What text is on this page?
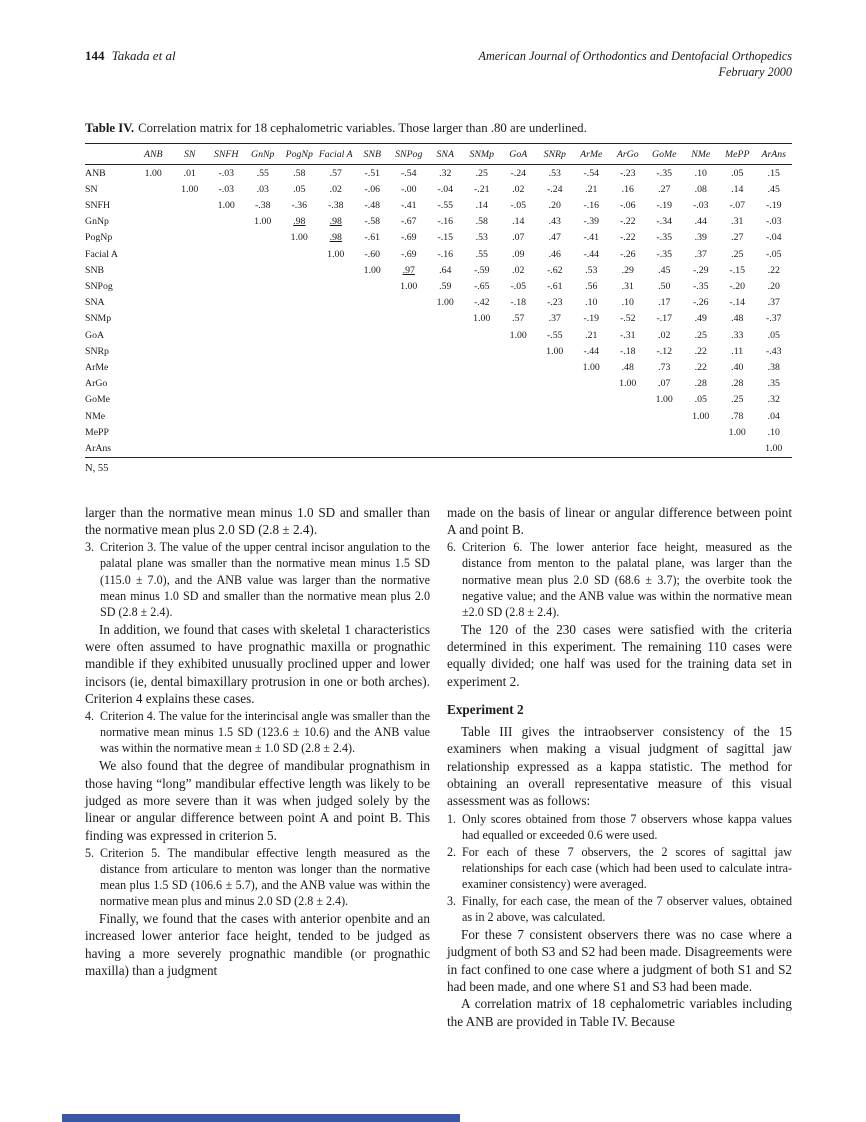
144 Takada et al	American Journal of Orthodontics and Dentofacial Orthopedics
February 2000
Table IV. Correlation matrix for 18 cephalometric variables. Those larger than .80 are underlined.
	ANB	SN	SNFH	GnNp	PogNp	Facial A	SNB	SNPog	SNA	SNMp	GoA	SNRp	ArMe	ArGo	GoMe	NMe	MePP	ArAns
ANB	1.00	.01	-.03	.55	.58	.57	-.51	-.54	.32	.25	-.24	.53	-.54	-.23	-.35	.10	.05	.15
SN		1.00	-.03	.03	.05	.02	-.06	-.00	-.04	-.21	.02	-.24	.21	.16	.27	.08	.14	.45
SNFH			1.00	-.38	-.36	-.38	-.48	-.41	-.55	.14	-.05	.20	-.16	-.06	-.19	-.03	-.07	-.19
GnNp				1.00	.98	.98	-.58	-.67	-.16	.58	.14	.43	-.39	-.22	-.34	.44	.31	-.03
PogNp					1.00	.98	-.61	-.69	-.15	.53	.07	.47	-.41	-.22	-.35	.39	.27	-.04
Facial A						1.00	-.60	-.69	-.16	.55	.09	.46	-.44	-.26	-.35	.37	.25	-.05
SNB							1.00	.97	.64	-.59	.02	-.62	.53	.29	.45	-.29	-.15	.22
SNPog								1.00	.59	-.65	-.05	-.61	.56	.31	.50	-.35	-.20	.20
SNA									1.00	-.42	-.18	-.23	.10	.10	.17	-.26	-.14	.37
SNMp										1.00	.57	.37	-.19	-.52	-.17	.49	.48	-.37
GoA											1.00	-.55	.21	-.31	.02	.25	.33	.05
SNRp												1.00	-.44	-.18	-.12	.22	.11	-.43
ArMe													1.00	.48	.73	.22	.40	.38
ArGo														1.00	.07	.28	.28	.35
GoMe															1.00	.05	.25	.32
NMe																1.00	.78	.04
MePP																	1.00	.10
ArAns																		1.00
N, 55
larger than the normative mean minus 1.0 SD and smaller than the normative mean plus 2.0 SD (2.8 ± 2.4).
3. Criterion 3. The value of the upper central incisor angulation to the palatal plane was smaller than the normative mean minus 1.5 SD (115.0 ± 7.0), and the ANB value was larger than the normative mean minus 1.0 SD and smaller than the normative mean plus 2.0 SD (2.8 ± 2.4).
In addition, we found that cases with skeletal 1 characteristics were often assumed to have prognathic maxilla or prognathic mandible if they exhibited unusually proclined upper and lower incisors (ie, dental bimaxillary protrusion in one or both arches). Criterion 4 explains these cases.
4. Criterion 4. The value for the interincisal angle was smaller than the normative mean minus 1.5 SD (123.6 ± 10.6) and the ANB value was within the normative mean ± 1.0 SD (2.8 ± 2.4).
We also found that the degree of mandibular prognathism in those having “long” mandibular effective length was likely to be judged as more severe than it was when judged solely by the linear or angular difference between point A and point B. This finding was expressed in criterion 5.
5. Criterion 5. The mandibular effective length measured as the distance from articulare to menton was longer than the normative mean plus 1.5 SD (106.6 ± 5.7), and the ANB value was within the normative mean plus and minus 2.0 SD (2.8 ± 2.4).
Finally, we found that the cases with anterior openbite and an increased lower anterior face height, tended to be judged as having a more severely prognathic mandible (or prognathic maxilla) than a judgment
made on the basis of linear or angular difference between point A and point B.
6. Criterion 6. The lower anterior face height, measured as the distance from menton to the palatal plane, was larger than the normative mean plus 2.0 SD (68.6 ± 3.7); the overbite took the negative value; and the ANB value was within the normative mean ±2.0 SD (2.8 ± 2.4).
The 120 of the 230 cases were satisfied with the criteria determined in this experiment. The remaining 110 cases were equally divided; one half was used for the training data set in experiment 2.
Experiment 2
Table III gives the intraobserver consistency of the 15 examiners when making a visual judgment of sagittal jaw relationship expressed as a kappa statistic. The method for obtaining an overall representative measure of this visual assessment was as follows:
1. Only scores obtained from those 7 observers whose kappa values had equalled or exceeded 0.6 were used.
2. For each of these 7 observers, the 2 scores of sagittal jaw relationships for each case (which had been used to calculate intra-examiner consistency) were averaged.
3. Finally, for each case, the mean of the 7 observer values, obtained as in 2 above, was calculated.
For these 7 consistent observers there was no case where a judgment of both S3 and S2 had been made. Disagreements were in fact confined to one case where a judgment of both S1 and S2 had been made, and one where S1 and S3 had been made.
A correlation matrix of 18 cephalometric variables including the ANB are provided in Table IV. Because
